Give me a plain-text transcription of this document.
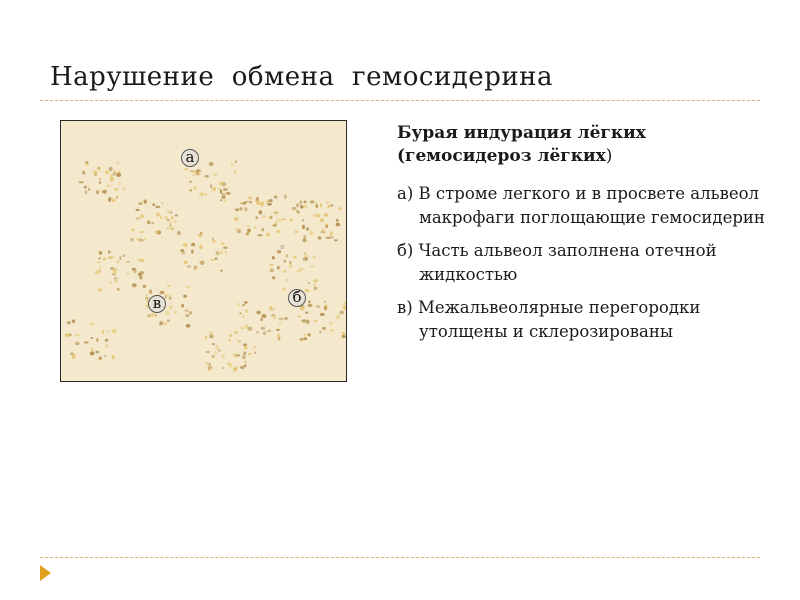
Нарушение  обмена  гемосидерина
а
а
в	б
Бурая индурация лёгких
(гемосидероз лёгких)
а) В строме легкого и в просвете альвеол макрофаги поглощающие гемосидерин
б) Часть альвеол заполнена отечной жидкостью
в) Межальвеолярные перегородки утолщены и склерозированы
